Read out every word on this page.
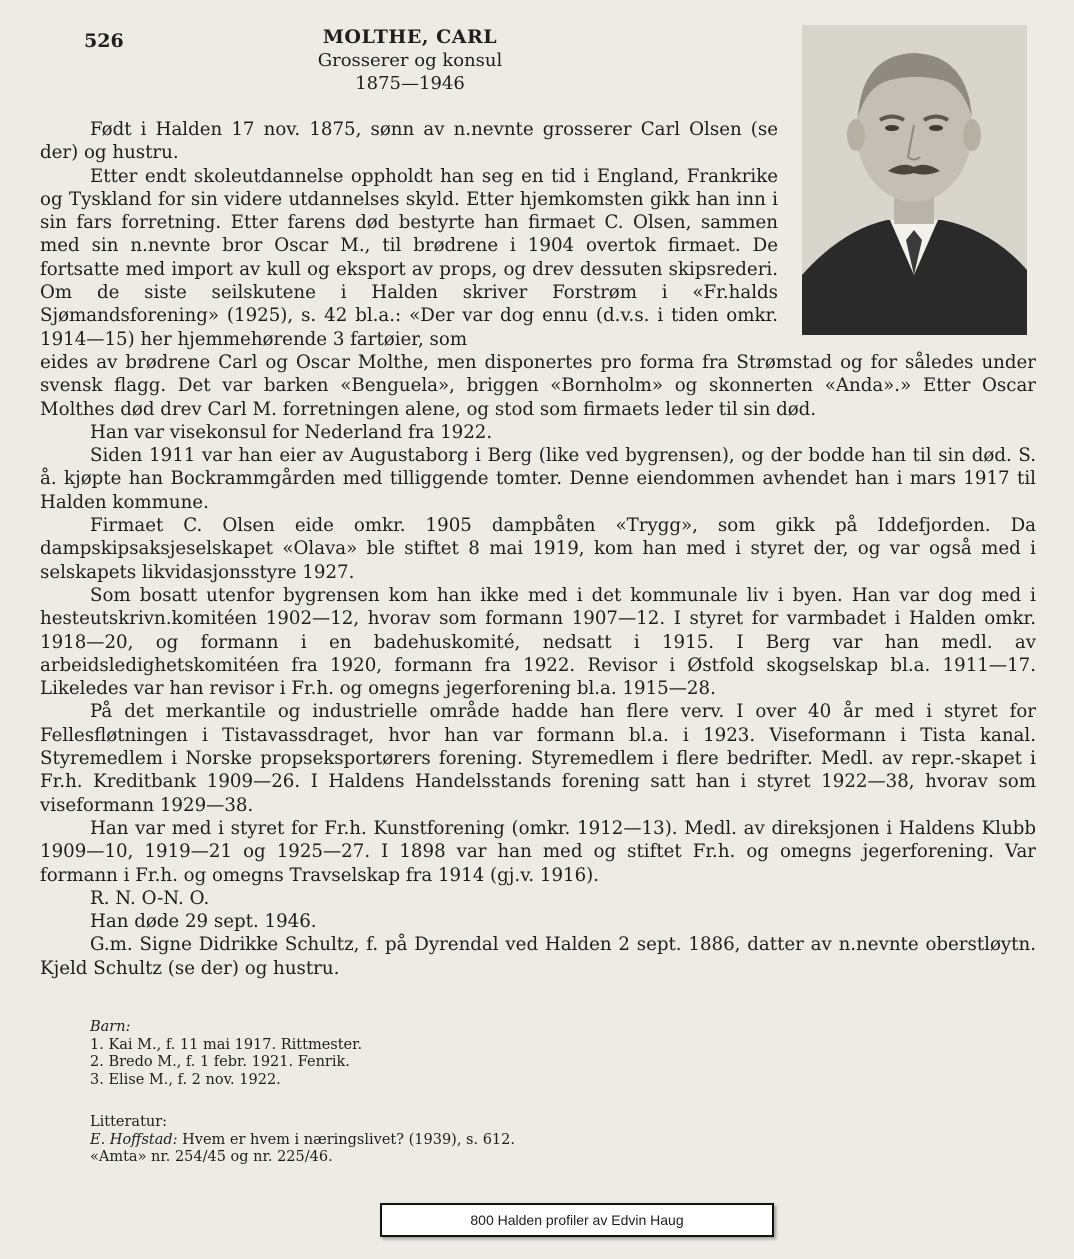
526	MOLTHE, CARL
Grosserer og konsul
1875—1946

Født i Halden 17 nov. 1875, sønn av n.nevnte grosserer Carl Olsen (se der) og hustru.

Etter endt skoleutdannelse oppholdt han seg en tid i England, Frankrike og Tyskland for sin videre utdannelses skyld. Etter hjemkomsten gikk han inn i sin fars forretning. Etter farens død bestyrte han firmaet C. Olsen, sammen med sin n.nevnte bror Oscar M., til brødrene i 1904 overtok firmaet. De fortsatte med import av kull og eksport av props, og drev dessuten skipsrederi. Om de siste seilskutene i Halden skriver Forstrøm i «Fr.halds Sjømandsforening» (1925), s. 42 bl.a.: «Der var dog ennu (d.v.s. i tiden omkr. 1914—15) her hjemmehørende 3 fartøier, som

eides av brødrene Carl og Oscar Molthe, men disponertes pro forma fra Strømstad og for således under svensk flagg. Det var barken «Benguela», briggen «Bornholm» og skonnerten «Anda».» Etter Oscar Molthes død drev Carl M. forretningen alene, og stod som firmaets leder til sin død.

Han var visekonsul for Nederland fra 1922.

Siden 1911 var han eier av Augustaborg i Berg (like ved bygrensen), og der bodde han til sin død. S. å. kjøpte han Bockrammgården med tilliggende tomter. Denne eiendommen avhendet han i mars 1917 til Halden kommune.

Firmaet C. Olsen eide omkr. 1905 dampbåten «Trygg», som gikk på Iddefjorden. Da dampskipsaksjeselskapet «Olava» ble stiftet 8 mai 1919, kom han med i styret der, og var også med i selskapets likvidasjonsstyre 1927.

Som bosatt utenfor bygrensen kom han ikke med i det kommunale liv i byen. Han var dog med i hesteutskrivn.komitéen 1902—12, hvorav som formann 1907—12. I styret for varmbadet i Halden omkr. 1918—20, og formann i en badehuskomité, nedsatt i 1915. I Berg var han medl. av arbeidsledighetskomitéen fra 1920, formann fra 1922. Revisor i Østfold skogselskap bl.a. 1911—17. Likeledes var han revisor i Fr.h. og omegns jegerforening bl.a. 1915—28.

På det merkantile og industrielle område hadde han flere verv. I over 40 år med i styret for Fellesfløtningen i Tistavassdraget, hvor han var formann bl.a. i 1923. Viseformann i Tista kanal. Styremedlem i Norske propseksportørers forening. Styremedlem i flere bedrifter. Medl. av repr.-skapet i Fr.h. Kreditbank 1909—26. I Haldens Handelsstands forening satt han i styret 1922—38, hvorav som viseformann 1929—38.

Han var med i styret for Fr.h. Kunstforening (omkr. 1912—13). Medl. av direksjonen i Haldens Klubb 1909—10, 1919—21 og 1925—27. I 1898 var han med og stiftet Fr.h. og omegns jegerforening. Var formann i Fr.h. og omegns Travselskap fra 1914 (gj.v. 1916).

R. N. O-N. O.

Han døde 29 sept. 1946.

G.m. Signe Didrikke Schultz, f. på Dyrendal ved Halden 2 sept. 1886, datter av n.nevnte oberstløytn. Kjeld Schultz (se der) og hustru.

Barn:
1. Kai M., f. 11 mai 1917. Rittmester.
2. Bredo M., f. 1 febr. 1921. Fenrik.
3. Elise M., f. 2 nov. 1922.
Litteratur:
E. Hoffstad: Hvem er hvem i næringslivet? (1939), s. 612.
«Amta» nr. 254/45 og nr. 225/46.
800 Halden profiler av Edvin Haug
